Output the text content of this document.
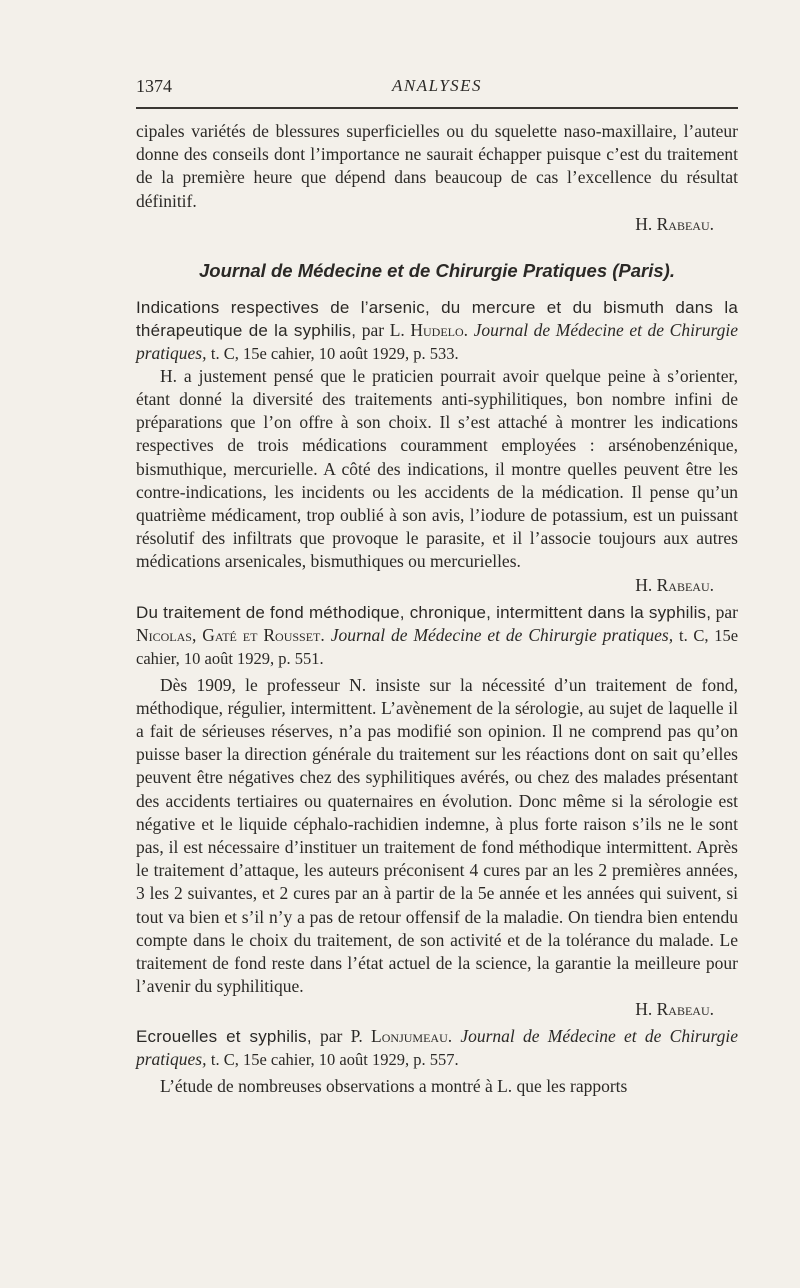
1374	ANALYSES

cipales variétés de blessures superficielles ou du squelette naso-maxillaire, l’auteur donne des conseils dont l’importance ne saurait échapper puisque c’est du traitement de la première heure que dépend dans beaucoup de cas l’excellence du résultat définitif.

H. Rabeau.
Journal de Médecine et de Chirurgie Pratiques (Paris).
Indications respectives de l’arsenic, du mercure et du bismuth dans la thérapeutique de la syphilis, par L. Hudelo. Journal de Médecine et de Chirurgie pratiques, t. C, 15e cahier, 10 août 1929, p. 533.

H. a justement pensé que le praticien pourrait avoir quelque peine à s’orienter, étant donné la diversité des traitements anti-syphilitiques, bon nombre infini de préparations que l’on offre à son choix. Il s’est attaché à montrer les indications respectives de trois médications couramment employées : arsénobenzénique, bismuthique, mercurielle. A côté des indications, il montre quelles peuvent être les contre-indications, les incidents ou les accidents de la médication. Il pense qu’un quatrième médicament, trop oublié à son avis, l’iodure de potassium, est un puissant résolutif des infiltrats que provoque le parasite, et il l’associe toujours aux autres médications arsenicales, bismuthiques ou mercurielles.

H. Rabeau.
Du traitement de fond méthodique, chronique, intermittent dans la syphilis, par Nicolas, Gaté et Rousset. Journal de Médecine et de Chirurgie pratiques, t. C, 15e cahier, 10 août 1929, p. 551.

Dès 1909, le professeur N. insiste sur la nécessité d’un traitement de fond, méthodique, régulier, intermittent. L’avènement de la sérologie, au sujet de laquelle il a fait de sérieuses réserves, n’a pas modifié son opinion. Il ne comprend pas qu’on puisse baser la direction générale du traitement sur les réactions dont on sait qu’elles peuvent être négatives chez des syphilitiques avérés, ou chez des malades présentant des accidents tertiaires ou quaternaires en évolution. Donc même si la sérologie est négative et le liquide céphalo-rachidien indemne, à plus forte raison s’ils ne le sont pas, il est nécessaire d’instituer un traitement de fond méthodique intermittent. Après le traitement d’attaque, les auteurs préconisent 4 cures par an les 2 premières années, 3 les 2 suivantes, et 2 cures par an à partir de la 5e année et les années qui suivent, si tout va bien et s’il n’y a pas de retour offensif de la maladie. On tiendra bien entendu compte dans le choix du traitement, de son activité et de la tolérance du malade. Le traitement de fond reste dans l’état actuel de la science, la garantie la meilleure pour l’avenir du syphilitique.

H. Rabeau.
Ecrouelles et syphilis, par P. Lonjumeau. Journal de Médecine et de Chirurgie pratiques, t. C, 15e cahier, 10 août 1929, p. 557.

L’étude de nombreuses observations a montré à L. que les rapports
